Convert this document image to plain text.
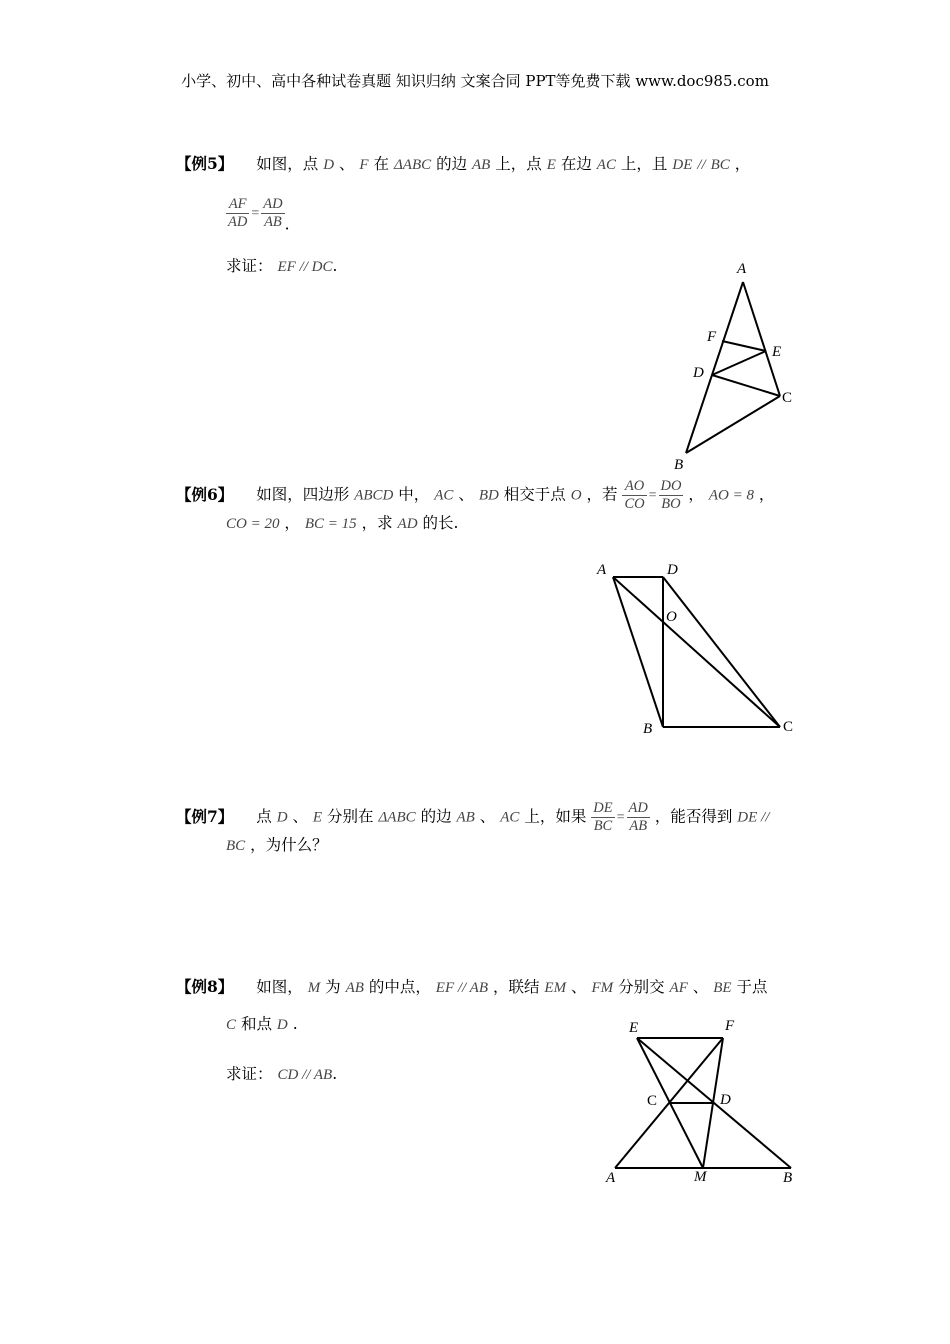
小学、初中、高中各种试卷真题 知识归纳 文案合同 PPT等免费下载 www.doc985.com
【例5】 如图，点 D 、 F 在 ΔABC 的边 AB 上，点 E 在边 AC 上，且 DE // BC ，
$\frac{AF}{AD} = \frac{AD}{AB}$ .
求证： EF // DC.	A
F
E
D
C
B
【例6】 如图，四边形 ABCD 中， AC 、 BD 相交于点 O ，若 $\frac{AO}{CO} = \frac{DO}{BO}$ ， AO = 8 ，
CO = 20 ， BC = 15 ，求 AD 的长.
A	D
O
B	C
【例7】 点 D 、 E 分别在 ΔABC 的边 AB 、 AC 上，如果 $\frac{DE}{BC} = \frac{AD}{AB}$ ，能否得到 DE //
BC ，为什么？
【例8】 如图， M 为 AB 的中点， EF // AB ，联结 EM 、 FM 分别交 AF 、 BE 于点
C 和点 D .
求证： CD // AB.
E	F
C	D
A	M	B
